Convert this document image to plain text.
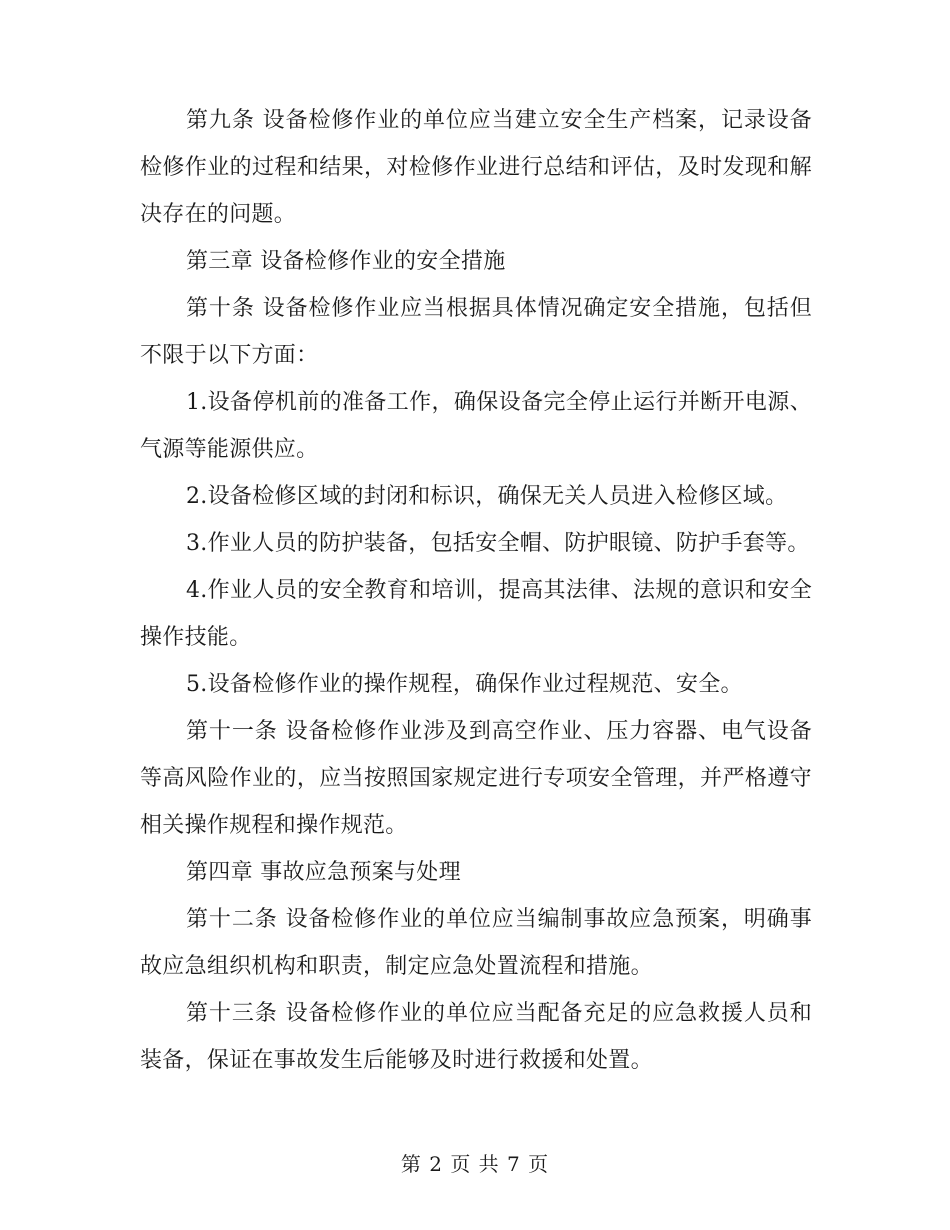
第九条 设备检修作业的单位应当建立安全生产档案，记录设备检修作业的过程和结果，对检修作业进行总结和评估，及时发现和解决存在的问题。

第三章 设备检修作业的安全措施

第十条 设备检修作业应当根据具体情况确定安全措施，包括但不限于以下方面：

1.设备停机前的准备工作，确保设备完全停止运行并断开电源、气源等能源供应。

2.设备检修区域的封闭和标识，确保无关人员进入检修区域。

3.作业人员的防护装备，包括安全帽、防护眼镜、防护手套等。

4.作业人员的安全教育和培训，提高其法律、法规的意识和安全操作技能。

5.设备检修作业的操作规程，确保作业过程规范、安全。

第十一条 设备检修作业涉及到高空作业、压力容器、电气设备等高风险作业的，应当按照国家规定进行专项安全管理，并严格遵守相关操作规程和操作规范。

第四章 事故应急预案与处理

第十二条 设备检修作业的单位应当编制事故应急预案，明确事故应急组织机构和职责，制定应急处置流程和措施。

第十三条 设备检修作业的单位应当配备充足的应急救援人员和装备，保证在事故发生后能够及时进行救援和处置。

第 2 页 共 7 页
